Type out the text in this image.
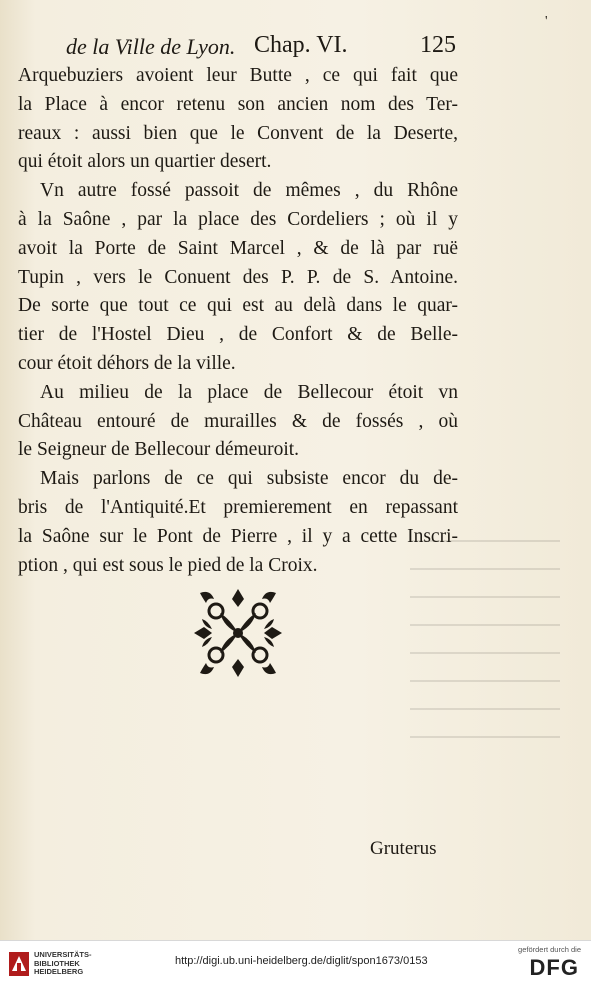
de la Ville de Lyon. Chap. VI.	125
'

Arquebuziers avoient leur Butte , ce qui fait que
la Place à encor retenu son ancien nom des Ter-
reaux : aussi bien que le Convent de la Deserte,
qui étoit alors un quartier desert.

Vn autre fossé passoit de mêmes , du Rhône
à la Saône , par la place des Cordeliers ; où il y
avoit la Porte de Saint Marcel , & de là par ruë
Tupin , vers le Conuent des P. P. de S. Antoine.
De sorte que tout ce qui est au delà dans le quar-
tier de l'Hostel Dieu , de Confort & de Belle-
cour étoit déhors de la ville.

Au milieu de la place de Bellecour étoit vn
Château entouré de murailles & de fossés , où
le Seigneur de Bellecour démeuroit.

Mais parlons de ce qui subsiste encor du de-
bris de l'Antiquité.Et premierement en repassant
la Saône sur le Pont de Pierre , il y a cette Inscri-
ption , qui est sous le pied de la Croix.

Gruterus
UNIVERSITÄTS-
BIBLIOTHEK
HEIDELBERG
http://digi.ub.uni-heidelberg.de/diglit/spon1673/0153
gefördert durch die
DFG
